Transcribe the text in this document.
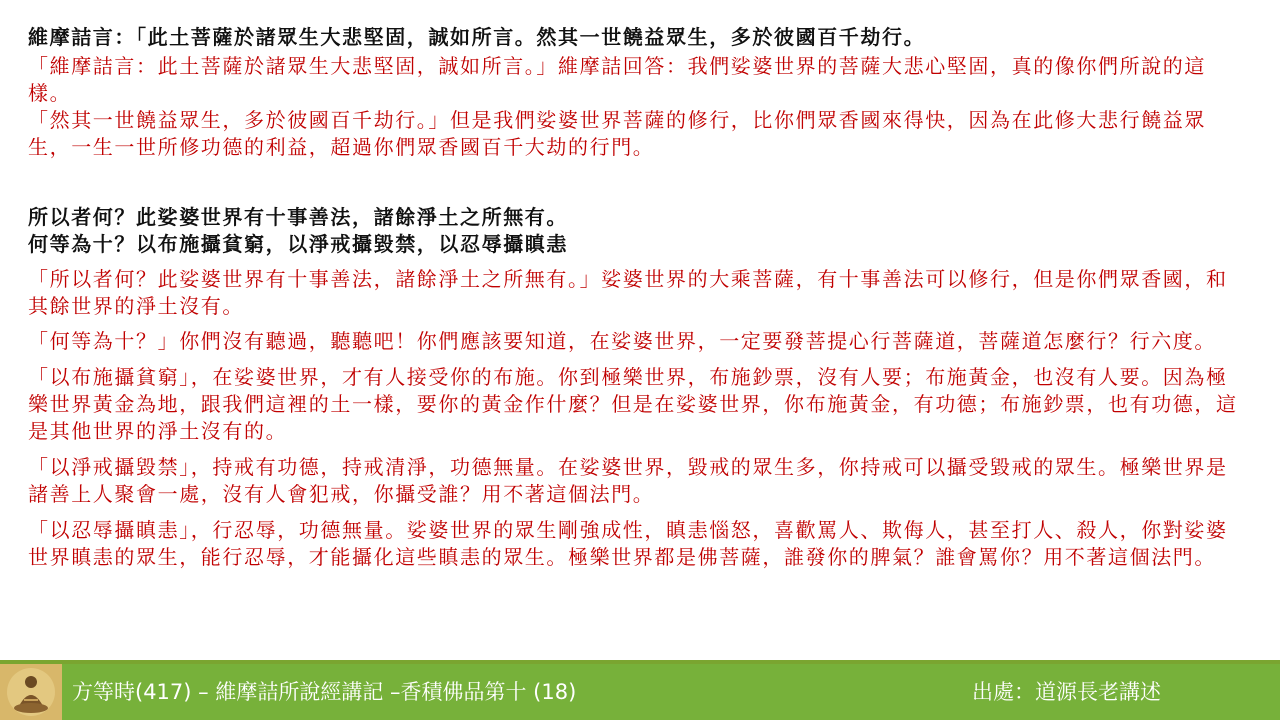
維摩詰言：「此土菩薩於諸眾生大悲堅固，誠如所言。然其一世饒益眾生，多於彼國百千劫行。

「維摩詰言：此土菩薩於諸眾生大悲堅固，誠如所言。」維摩詰回答：我們娑婆世界的菩薩大悲心堅固，真的像你們所說的這樣。

「然其一世饒益眾生，多於彼國百千劫行。」但是我們娑婆世界菩薩的修行，比你們眾香國來得快，因為在此修大悲行饒益眾生，一生一世所修功德的利益，超過你們眾香國百千大劫的行門。

所以者何？此娑婆世界有十事善法，諸餘淨土之所無有。

何等為十？以布施攝貧窮，以淨戒攝毀禁，以忍辱攝瞋恚

「所以者何？此娑婆世界有十事善法，諸餘淨土之所無有。」娑婆世界的大乘菩薩，有十事善法可以修行，但是你們眾香國，和其餘世界的淨土沒有。

「何等為十？」你們沒有聽過，聽聽吧！你們應該要知道，在娑婆世界，一定要發菩提心行菩薩道，菩薩道怎麼行？行六度。

「以布施攝貧窮」，在娑婆世界，才有人接受你的布施。你到極樂世界，布施鈔票，沒有人要；布施黃金，也沒有人要。因為極樂世界黃金為地，跟我們這裡的土一樣，要你的黃金作什麼？但是在娑婆世界，你布施黃金，有功德；布施鈔票，也有功德，這是其他世界的淨土沒有的。

「以淨戒攝毀禁」，持戒有功德，持戒清淨，功德無量。在娑婆世界，毀戒的眾生多，你持戒可以攝受毀戒的眾生。極樂世界是諸善上人聚會一處，沒有人會犯戒，你攝受誰？用不著這個法門。

「以忍辱攝瞋恚」，行忍辱，功德無量。娑婆世界的眾生剛強成性，瞋恚惱怒，喜歡罵人、欺侮人，甚至打人、殺人，你對娑婆世界瞋恚的眾生，能行忍辱，才能攝化這些瞋恚的眾生。極樂世界都是佛菩薩，誰發你的脾氣？誰會罵你？用不著這個法門。

方等時(417) – 維摩詰所說經講記 –香積佛品第十 (18)	出處：道源長老講述
